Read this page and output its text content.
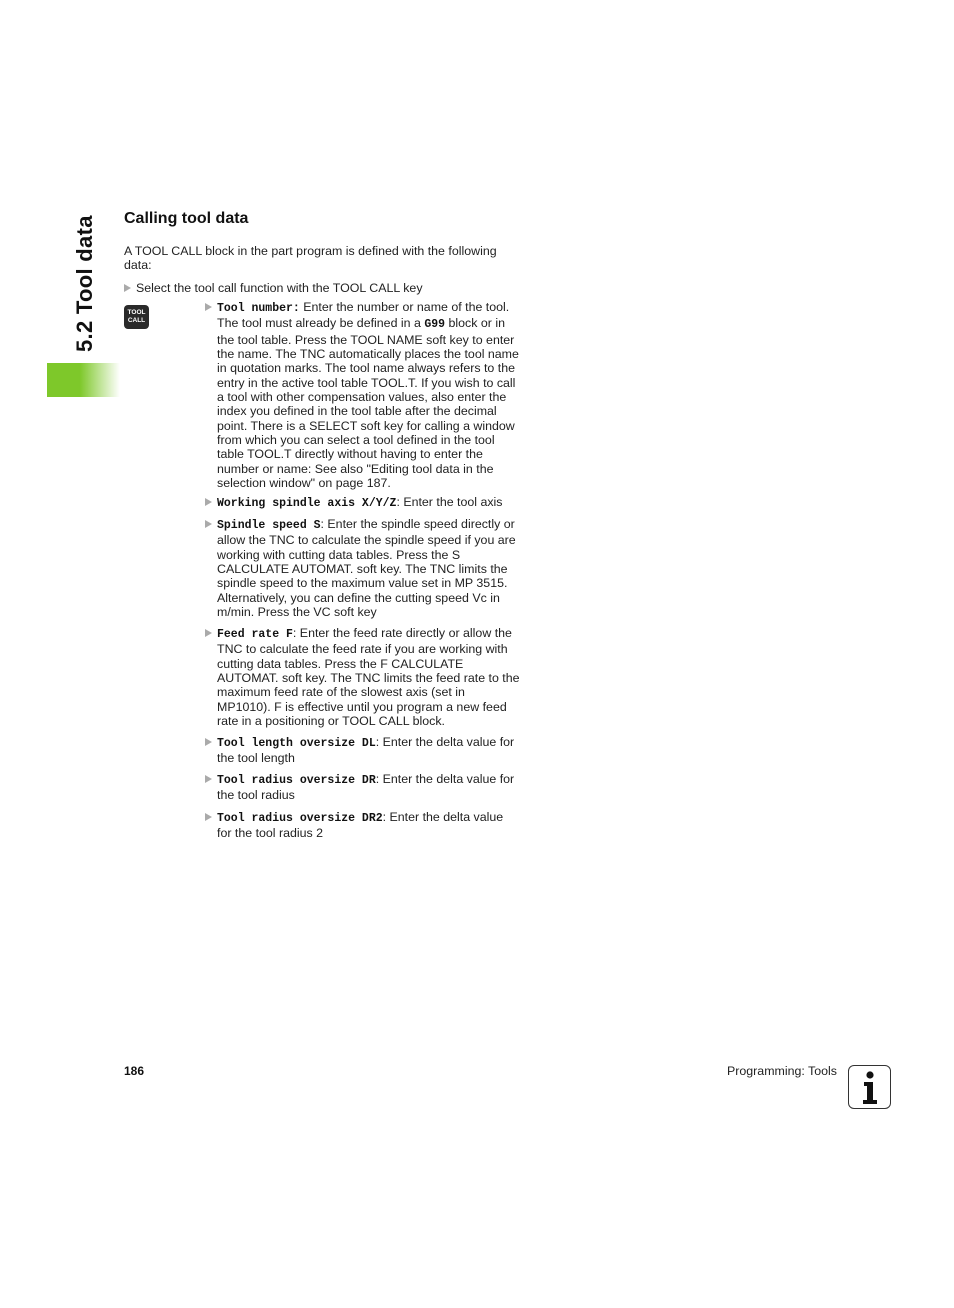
5.2 Tool data Calling tool data
A TOOL CALL block in the part program is defined with the following data:
Select the tool call function with the TOOL CALL key
TOOL
CALL
Tool number: Enter the number or name of the tool. The tool must already be defined in a G99 block or in the tool table. Press the TOOL NAME soft key to enter the name. The TNC automatically places the tool name in quotation marks. The tool name always refers to the entry in the active tool table TOOL.T. If you wish to call a tool with other compensation values, also enter the index you defined in the tool table after the decimal point. There is a SELECT soft key for calling a window from which you can select a tool defined in the tool table TOOL.T directly without having to enter the number or name: See also "Editing tool data in the selection window" on page 187.
Working spindle axis X/Y/Z: Enter the tool axis
Spindle speed S: Enter the spindle speed directly or allow the TNC to calculate the spindle speed if you are working with cutting data tables. Press the S CALCULATE AUTOMAT. soft key. The TNC limits the spindle speed to the maximum value set in MP 3515. Alternatively, you can define the cutting speed Vc in m/min. Press the VC soft key
Feed rate F: Enter the feed rate directly or allow the TNC to calculate the feed rate if you are working with cutting data tables. Press the F CALCULATE AUTOMAT. soft key. The TNC limits the feed rate to the maximum feed rate of the slowest axis (set in MP1010). F is effective until you program a new feed rate in a positioning or TOOL CALL block.
Tool length oversize DL: Enter the delta value for the tool length
Tool radius oversize DR: Enter the delta value for the tool radius
Tool radius oversize DR2: Enter the delta value for the tool radius 2
186	Programming: Tools
